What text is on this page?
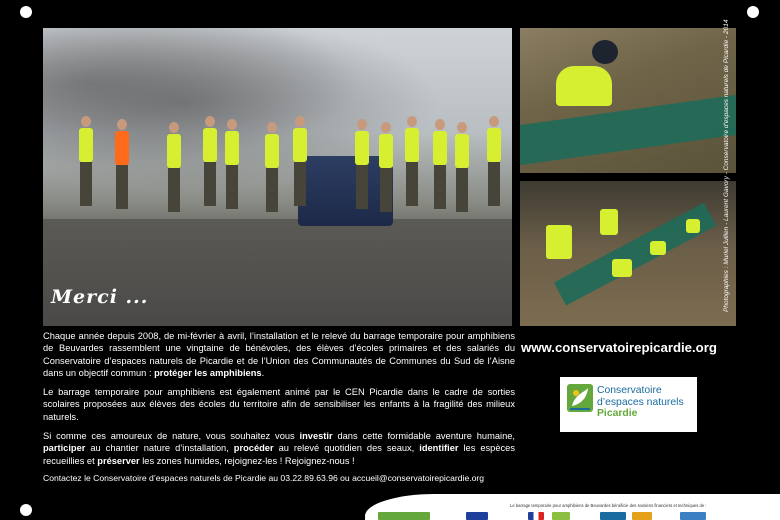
Merci ...	Photographies : Muriel Jullien - Laurent Gavory - Conservatoire d'espaces naturels de Picardie - 2014

Chaque année depuis 2008, de mi-février à avril, l’installation et le relevé du barrage temporaire pour amphibiens de Beuvardes rassemblent une vingtaine de bénévoles, des élèves d’écoles primaires et des salariés du Conservatoire d’espaces naturels de Picardie et de l’Union des Communautés de Communes du Sud de l’Aisne dans un objectif commun : protéger les amphibiens.

Le barrage temporaire pour amphibiens est également animé par le CEN Picardie dans le cadre de sorties scolaires proposées aux élèves des écoles du territoire afin de sensibiliser les enfants à la fragilité des milieux naturels.

Si comme ces amoureux de nature, vous souhaitez vous investir dans cette formidable aventure humaine, participer au chantier nature d’installation, procéder au relevé quotidien des seaux, identifier les espèces recueillies et préserver les zones humides, rejoignez-les ! Rejoignez-nous !

Contactez le Conservatoire d’espaces naturels de Picardie au 03.22.89.63.96 ou accueil@conservatoirepicardie.org
www.conservatoirepicardie.org
Conservatoire
d’espaces naturels
Picardie
Le barrage temporaire pour amphibiens de Beuvardes bénéficie des soutiens financiers et techniques de :
